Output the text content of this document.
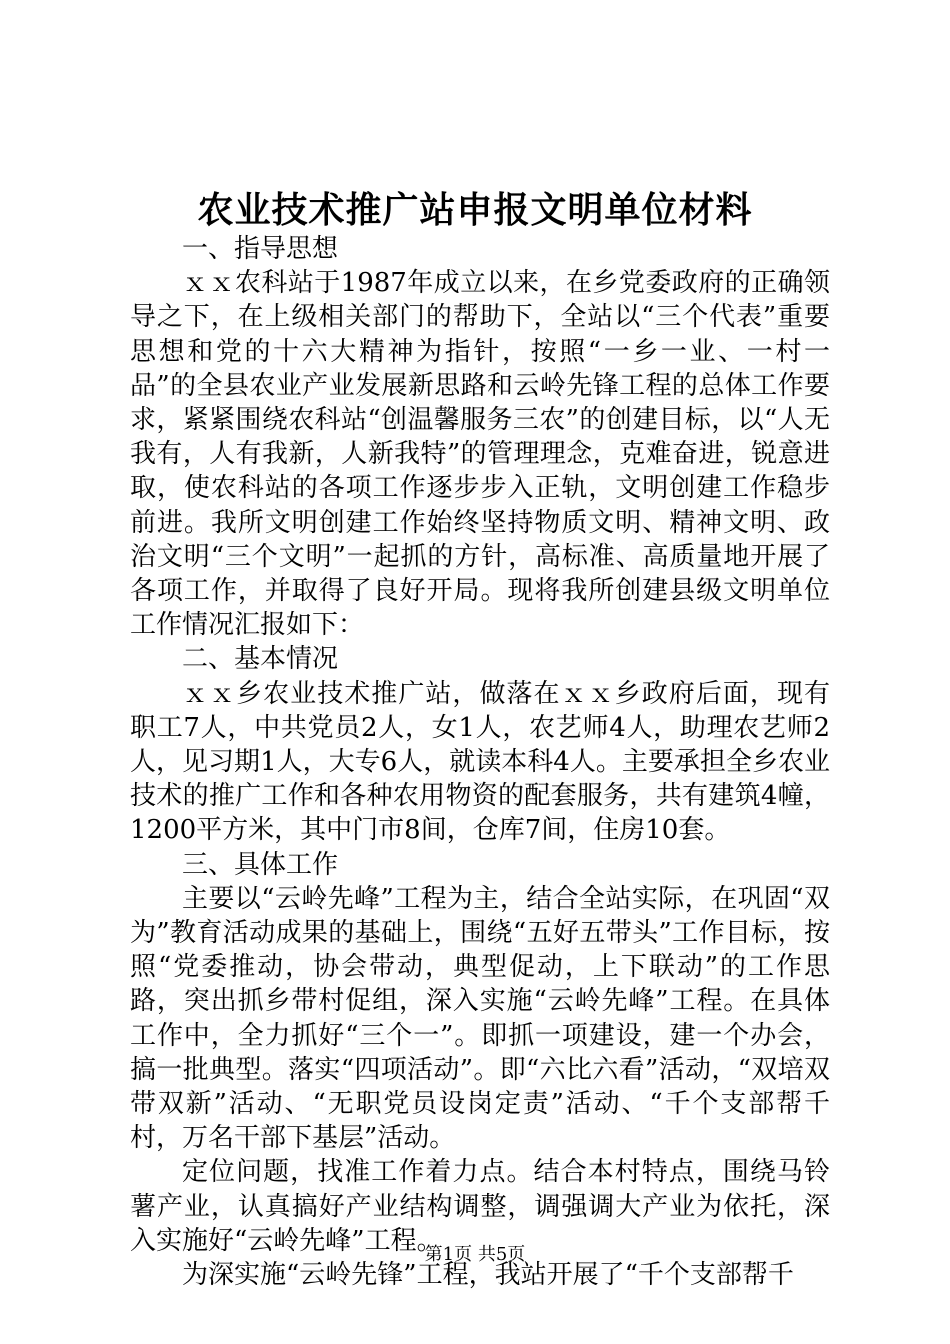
农业技术推广站申报文明单位材料

一、指导思想

ｘｘ农科站于1987年成立以来，在乡党委政府的正确领导之下，在上级相关部门的帮助下，全站以“三个代表”重要思想和党的十六大精神为指针，按照“一乡一业、一村一品”的全县农业产业发展新思路和云岭先锋工程的总体工作要求，紧紧围绕农科站“创温馨服务三农”的创建目标，以“人无我有，人有我新，人新我特”的管理理念，克难奋进，锐意进取，使农科站的各项工作逐步步入正轨，文明创建工作稳步前进。我所文明创建工作始终坚持物质文明、精神文明、政治文明“三个文明”一起抓的方针，高标准、高质量地开展了各项工作，并取得了良好开局。现将我所创建县级文明单位工作情况汇报如下：

二、基本情况

ｘｘ乡农业技术推广站，做落在ｘｘ乡政府后面，现有职工7人，中共党员2人，女1人，农艺师4人，助理农艺师2人，见习期1人，大专6人，就读本科4人。主要承担全乡农业技术的推广工作和各种农用物资的配套服务，共有建筑4幢，1200平方米，其中门市8间，仓库7间，住房10套。

三、具体工作

主要以“云岭先峰”工程为主，结合全站实际，在巩固“双为”教育活动成果的基础上，围绕“五好五带头”工作目标，按照“党委推动，协会带动，典型促动，上下联动”的工作思路，突出抓乡带村促组，深入实施“云岭先峰”工程。在具体工作中，全力抓好“三个一”。即抓一项建设，建一个办会，搞一批典型。落实“四项活动”。即“六比六看”活动，“双培双带双新”活动、“无职党员设岗定责”活动、“千个支部帮千村，万名干部下基层”活动。

定位问题，找准工作着力点。结合本村特点，围绕马铃薯产业，认真搞好产业结构调整，调强调大产业为依托，深入实施好“云岭先峰”工程。

为深实施“云岭先锋”工程，我站开展了“千个支部帮千

第1页 共5页
